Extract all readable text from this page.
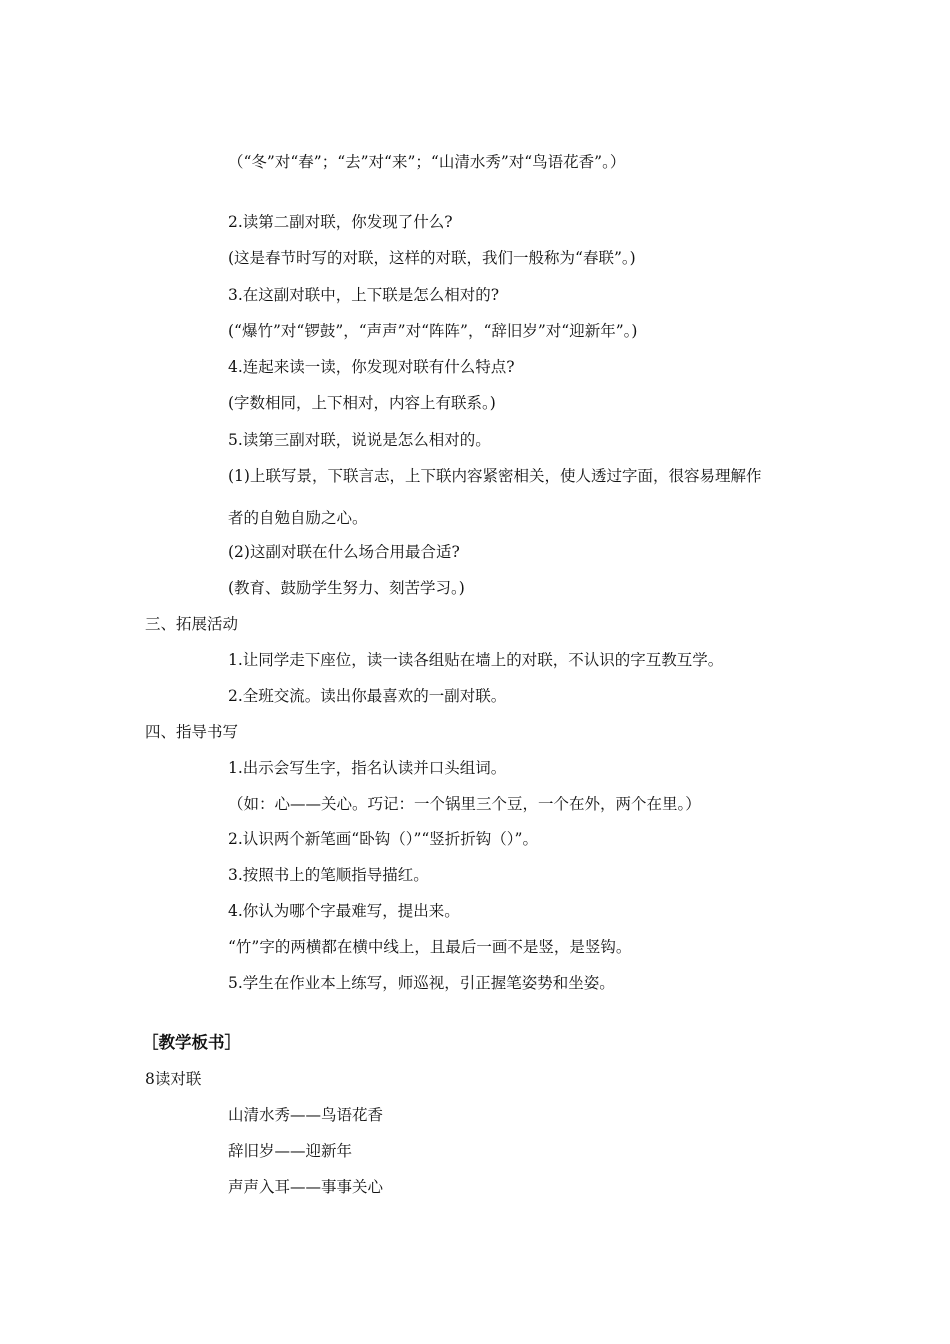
（“冬”对“春”；“去”对“来”；“山清水秀”对“鸟语花香”。）
2.读第二副对联，你发现了什么?
(这是春节时写的对联，这样的对联，我们一般称为“春联”。)
3.在这副对联中，上下联是怎么相对的?
(“爆竹”对“锣鼓”，“声声”对“阵阵”，“辞旧岁”对“迎新年”。)
4.连起来读一读，你发现对联有什么特点?
(字数相同，上下相对，内容上有联系。)
5.读第三副对联，说说是怎么相对的。
(1)上联写景，下联言志，上下联内容紧密相关，使人透过字面，很容易理解作
者的自勉自励之心。
(2)这副对联在什么场合用最合适?
(教育、鼓励学生努力、刻苦学习。)
三、拓展活动
1.让同学走下座位，读一读各组贴在墙上的对联，不认识的字互教互学。
2.全班交流。读出你最喜欢的一副对联。
四、指导书写
1.出示会写生字，指名认读并口头组词。
（如：心——关心。巧记：一个锅里三个豆，一个在外，两个在里。）
2.认识两个新笔画“卧钩（）”“竖折折钩（）”。
3.按照书上的笔顺指导描红。
4.你认为哪个字最难写，提出来。
“竹”字的两横都在横中线上，且最后一画不是竖，是竖钩。
5.学生在作业本上练写，师巡视，引正握笔姿势和坐姿。
［教学板书］
8读对联
山清水秀——鸟语花香
辞旧岁——迎新年
声声入耳——事事关心
